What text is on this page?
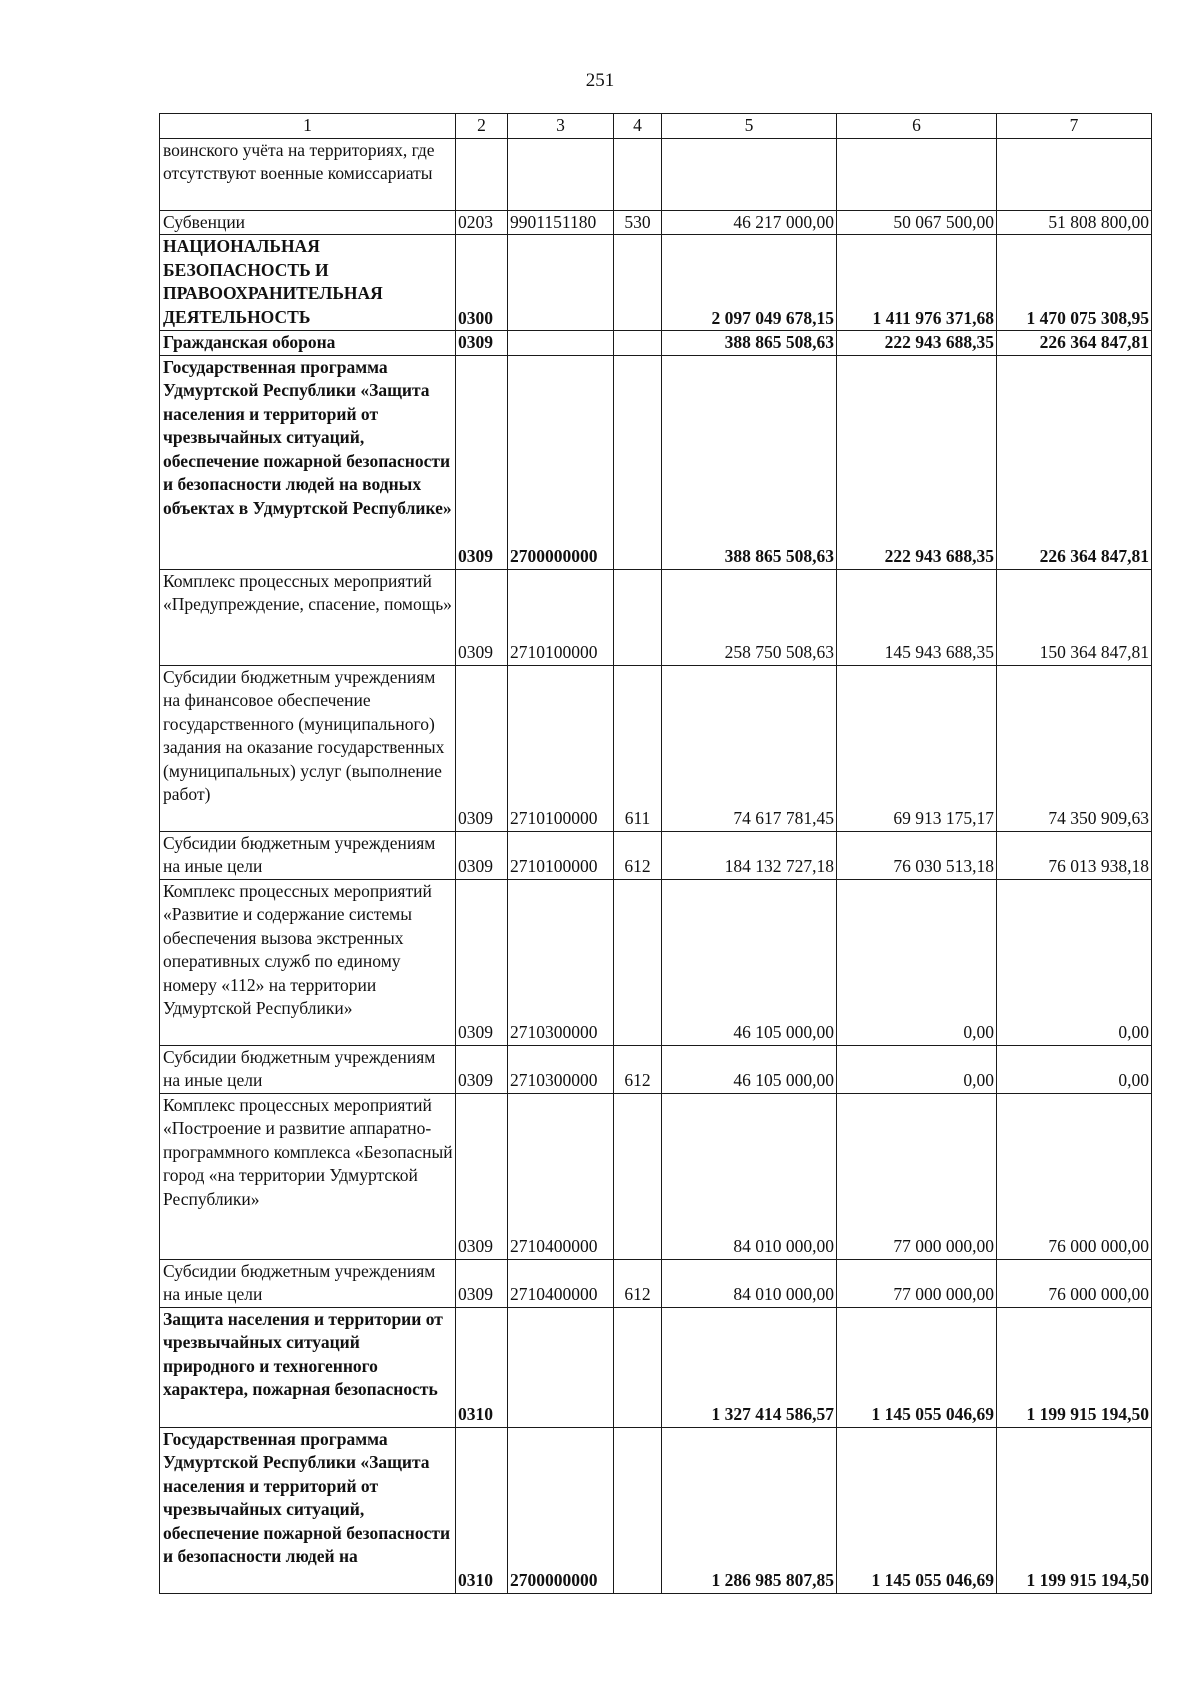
251
1	2	3	4	5	6	7
воинского учёта на территориях, где отсутствуют военные комиссариаты						
Субвенции	0203	9901151180	530	46 217 000,00	50 067 500,00	51 808 800,00
НАЦИОНАЛЬНАЯ БЕЗОПАСНОСТЬ И ПРАВООХРАНИТЕЛЬНАЯ ДЕЯТЕЛЬНОСТЬ	0300			2 097 049 678,15	1 411 976 371,68	1 470 075 308,95
Гражданская оборона	0309			388 865 508,63	222 943 688,35	226 364 847,81
Государственная программа Удмуртской Республики «Защита населения и территорий от чрезвычайных ситуаций, обеспечение пожарной безопасности и безопасности людей на водных объектах в Удмуртской Республике»	0309	2700000000		388 865 508,63	222 943 688,35	226 364 847,81
Комплекс процессных мероприятий «Предупреждение, спасение, помощь»	0309	2710100000		258 750 508,63	145 943 688,35	150 364 847,81
Субсидии бюджетным учреждениям на финансовое обеспечение государственного (муниципального) задания на оказание государственных (муниципальных) услуг (выполнение работ)	0309	2710100000	611	74 617 781,45	69 913 175,17	74 350 909,63
Субсидии бюджетным учреждениям на иные цели	0309	2710100000	612	184 132 727,18	76 030 513,18	76 013 938,18
Комплекс процессных мероприятий «Развитие и содержание системы обеспечения вызова экстренных оперативных служб по единому номеру «112» на территории Удмуртской Республики»	0309	2710300000		46 105 000,00	0,00	0,00
Субсидии бюджетным учреждениям на иные цели	0309	2710300000	612	46 105 000,00	0,00	0,00
Комплекс процессных мероприятий «Построение и развитие аппаратно-программного комплекса «Безопасный город «на территории Удмуртской Республики»	0309	2710400000		84 010 000,00	77 000 000,00	76 000 000,00
Субсидии бюджетным учреждениям на иные цели	0309	2710400000	612	84 010 000,00	77 000 000,00	76 000 000,00
Защита населения и территории от чрезвычайных ситуаций природного и техногенного характера, пожарная безопасность	0310			1 327 414 586,57	1 145 055 046,69	1 199 915 194,50
Государственная программа Удмуртской Республики «Защита населения и территорий от чрезвычайных ситуаций, обеспечение пожарной безопасности и безопасности людей на	0310	2700000000		1 286 985 807,85	1 145 055 046,69	1 199 915 194,50
